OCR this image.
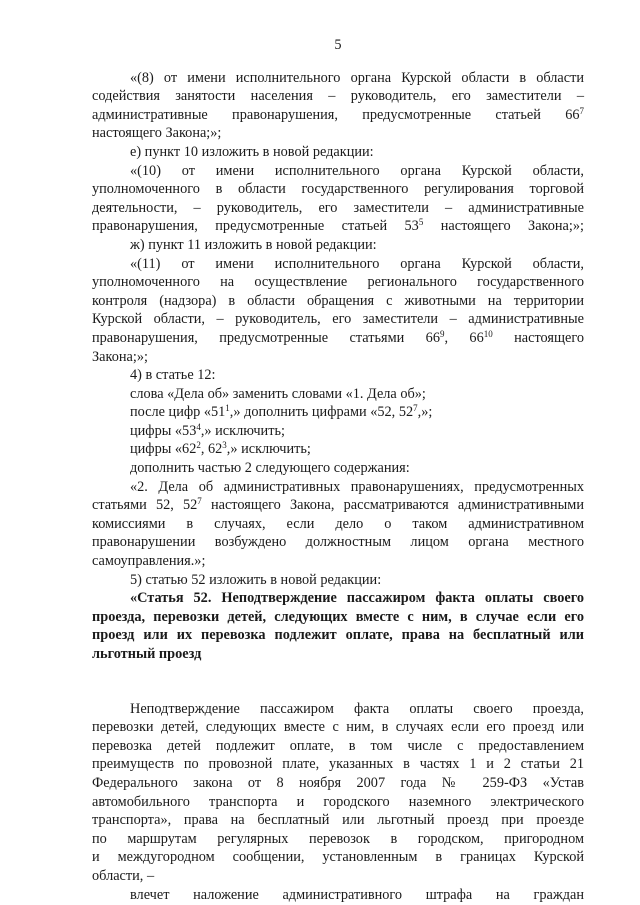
5

«(8) от имени исполнительного органа Курской области в области

содействия занятости населения – руководитель, его заместители –

административные правонарушения, предусмотренные статьей $66^7$

настоящего Закона;»;

е) пункт 10 изложить в новой редакции:

«(10) от имени исполнительного органа Курской области,

уполномоченного в области государственного регулирования торговой

деятельности, – руководитель, его заместители – административные

правонарушения, предусмотренные статьей $53^5$ настоящего Закона;»;

ж) пункт 11 изложить в новой редакции:

«(11) от имени исполнительного органа Курской области,

уполномоченного на осуществление регионального государственного

контроля (надзора) в области обращения с животными на территории

Курской области, – руководитель, его заместители – административные

правонарушения, предусмотренные статьями $66^9$, $66^{10}$ настоящего

Закона;»;

4) в статье 12:

слова «Дела об» заменить словами «1. Дела об»;

после цифр «$51^1$,» дополнить цифрами «52, $52^7$,»;

цифры «$53^4$,» исключить;

цифры «$62^2$, $62^3$,» исключить;

дополнить частью 2 следующего содержания:

«2. Дела об административных правонарушениях, предусмотренных

статьями 52, $52^7$ настоящего Закона, рассматриваются административными

комиссиями в случаях, если дело о таком административном

правонарушении возбуждено должностным лицом органа местного

самоуправления.»;

5) статью 52 изложить в новой редакции:

«Статья 52. Неподтверждение пассажиром факта оплаты своего

проезда, перевозки детей, следующих вместе с ним, в случае если его

проезд или их перевозка подлежит оплате, права на бесплатный или

льготный проезд

Неподтверждение пассажиром факта оплаты своего проезда,

перевозки детей, следующих вместе с ним, в случаях если его проезд или

перевозка детей подлежит оплате, в том числе с предоставлением

преимуществ по провозной плате, указанных в частях 1 и 2 статьи 21

Федерального закона от 8 ноября 2007 года № 259-ФЗ «Устав

автомобильного транспорта и городского наземного электрического

транспорта», права на бесплатный или льготный проезд при проезде

по маршрутам регулярных перевозок в городском, пригородном

и междугородном сообщении, установленным в границах Курской

области, –

влечет наложение административного штрафа на граждан
